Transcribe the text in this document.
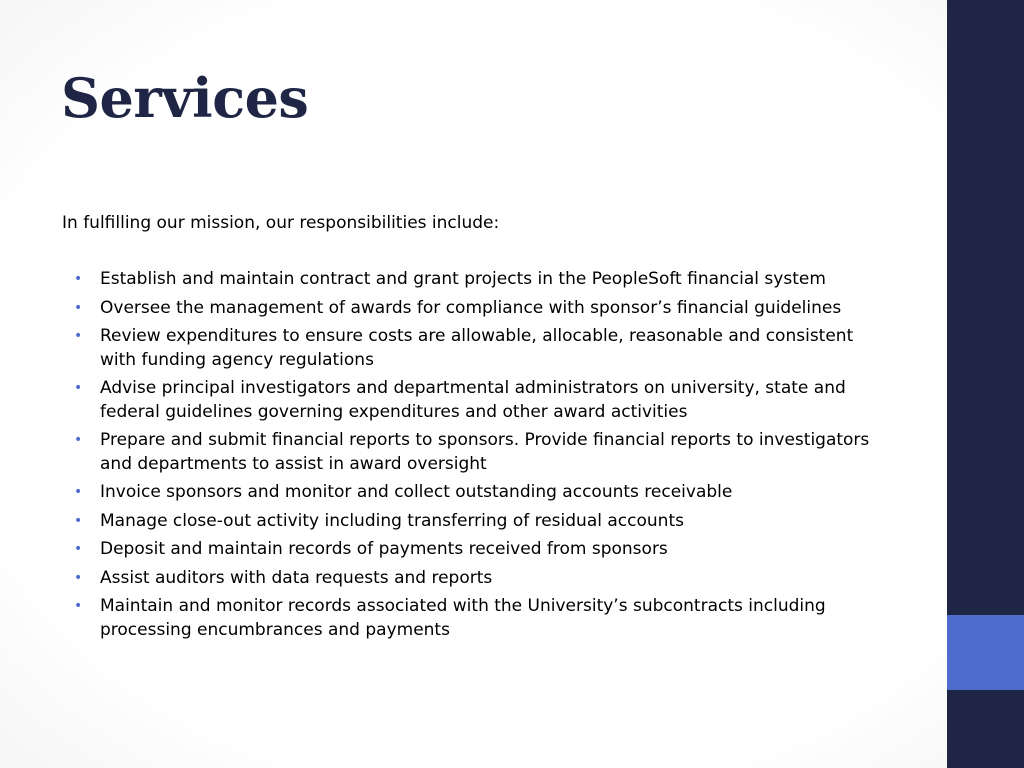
Services

In fulfilling our mission, our responsibilities include:

• Establish and maintain contract and grant projects in the PeopleSoft financial system
• Oversee the management of awards for compliance with sponsor’s financial guidelines
• Review expenditures to ensure costs are allowable, allocable, reasonable and consistent with funding agency regulations
• Advise principal investigators and departmental administrators on university, state and federal guidelines governing expenditures and other award activities
• Prepare and submit financial reports to sponsors. Provide financial reports to investigators and departments to assist in award oversight
• Invoice sponsors and monitor and collect outstanding accounts receivable
• Manage close-out activity including transferring of residual accounts
• Deposit and maintain records of payments received from sponsors
• Assist auditors with data requests and reports
• Maintain and monitor records associated with the University’s subcontracts including processing encumbrances and payments
